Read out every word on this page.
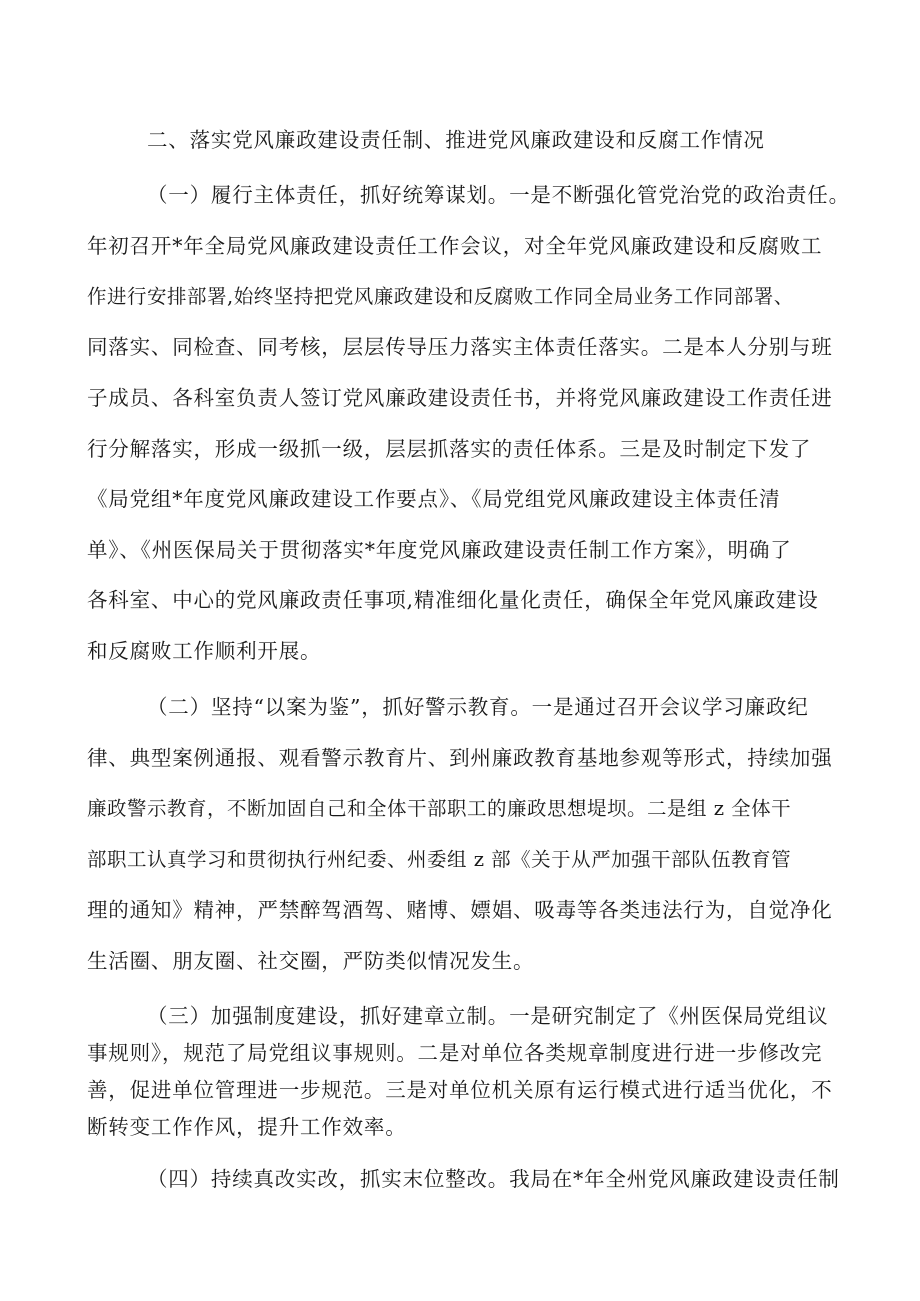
二、落实党风廉政建设责任制、推进党风廉政建设和反腐工作情况
（一）履行主体责任，抓好统筹谋划。一是不断强化管党治党的政治责任。
年初召开*年全局党风廉政建设责任工作会议，对全年党风廉政建设和反腐败工
作进行安排部署,始终坚持把党风廉政建设和反腐败工作同全局业务工作同部署、
同落实、同检查、同考核，层层传导压力落实主体责任落实。二是本人分别与班
子成员、各科室负责人签订党风廉政建设责任书，并将党风廉政建设工作责任进
行分解落实，形成一级抓一级，层层抓落实的责任体系。三是及时制定下发了
《局党组*年度党风廉政建设工作要点》、《局党组党风廉政建设主体责任清
单》、《州医保局关于贯彻落实*年度党风廉政建设责任制工作方案》，明确了
各科室、中心的党风廉政责任事项,精准细化量化责任，确保全年党风廉政建设
和反腐败工作顺利开展。
（二）坚持“以案为鉴”，抓好警示教育。一是通过召开会议学习廉政纪
律、典型案例通报、观看警示教育片、到州廉政教育基地参观等形式，持续加强
廉政警示教育，不断加固自己和全体干部职工的廉政思想堤坝。二是组 z 全体干
部职工认真学习和贯彻执行州纪委、州委组 z 部《关于从严加强干部队伍教育管
理的通知》精神，严禁醉驾酒驾、赌博、嫖娼、吸毒等各类违法行为，自觉净化
生活圈、朋友圈、社交圈，严防类似情况发生。
（三）加强制度建设，抓好建章立制。一是研究制定了《州医保局党组议
事规则》，规范了局党组议事规则。二是对单位各类规章制度进行进一步修改完
善，促进单位管理进一步规范。三是对单位机关原有运行模式进行适当优化，不
断转变工作作风，提升工作效率。
（四）持续真改实改，抓实末位整改。我局在*年全州党风廉政建设责任制
